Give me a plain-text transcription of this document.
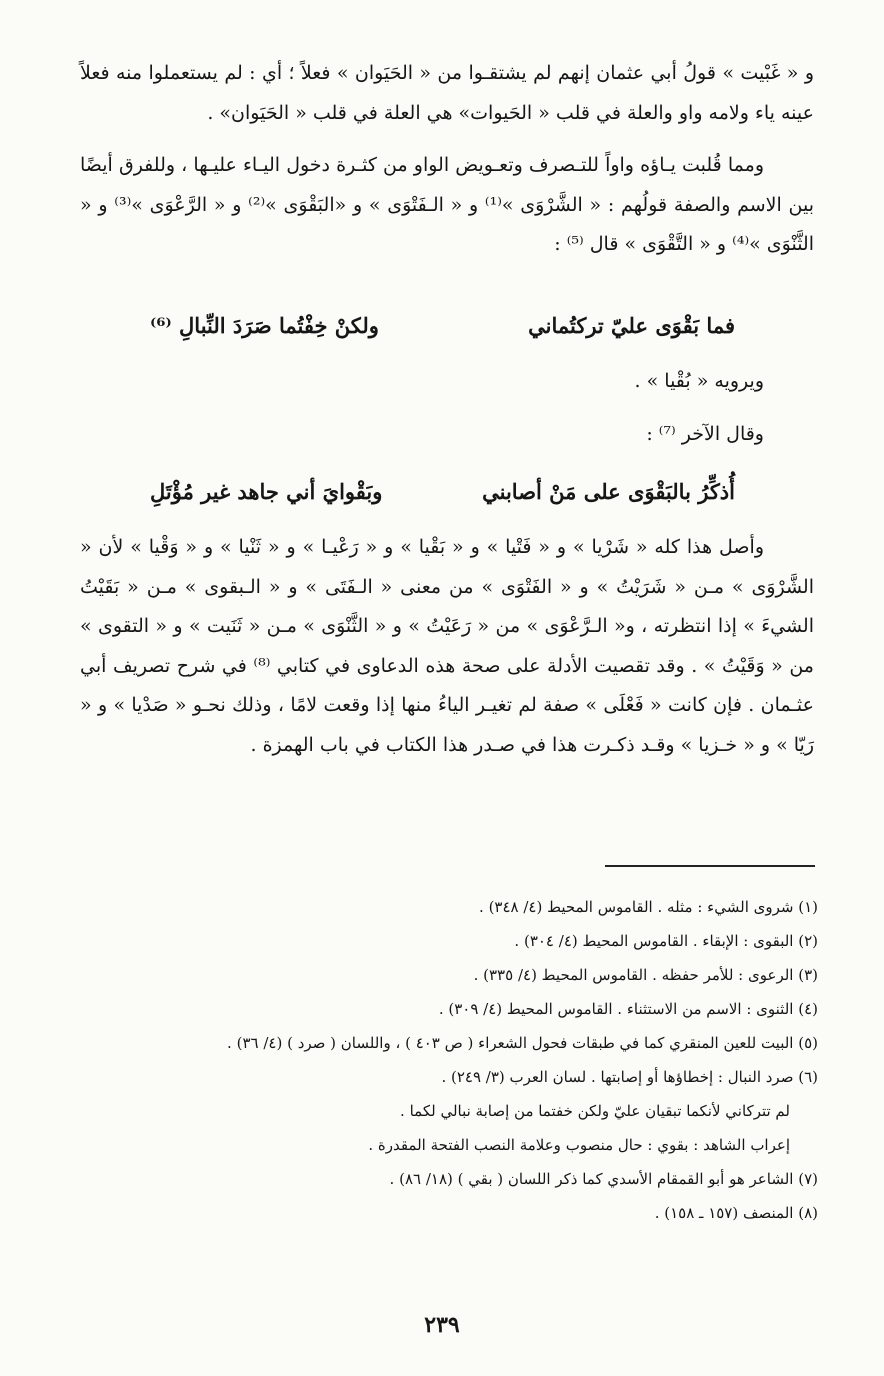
و « غَبْيت » قولُ أبي عثمان إنهم لم يشتقـوا من « الحَيَوان » فعلاً ؛ أي : لم يستعملوا منه فعلاً عينه ياء ولامه واو والعلة في قلب « الحَيوات» هي العلة في قلب « الحَيَوان» .

ومما قُلبت يـاؤه واواً للتـصرف وتعـويض الواو من كثـرة دخول اليـاء عليـها ، وللفرق أيضًا بين الاسم والصفة قولُهم : « الشَّرْوَى »⁽¹⁾ و « الـفَتْوَى » و «البَقْوَى »⁽²⁾ و « الرَّعْوَى »⁽³⁾ و « الثَّنْوَى »⁽⁴⁾ و « التَّقْوَى » قال ⁽⁵⁾ :

فما بَقْوَى عليّ تركتُماني
ولكنْ خِفْتُما صَرَدَ النِّبالِ ⁽⁶⁾

ويرويه « بُقْيا » .

وقال الآخر ⁽⁷⁾ :

أُذكِّرُ بالبَقْوَى على مَنْ أصابني
وبَقْوايَ أني جاهد غير مُؤْتَلِ

وأصل هذا كله « شَرْيا » و « فَتْيا » و « بَقْيا » و « رَعْيـا » و « ثَنْيا » و « وَقْيا » لأن « الشَّرْوَى » مـن « شَرَيْتُ » و « الفَتْوَى » من معنى « الـفَتَى » و « الـبقوى » مـن « بَقَيْتُ الشيءَ » إذا انتظرته ، و« الـرَّعْوَى » من « رَعَيْتُ » و « الثَّنْوَى » مـن « ثَنَيت » و « التقوى » من « وَقَيْتُ » . وقد تقصيت الأدلة على صحة هذه الدعاوى في كتابي ⁽⁸⁾ في شرح تصريف أبي عثـمان . فإن كانت « فَعْلَى » صفة لم تغيـر الياءُ منها إذا وقعت لامًا ، وذلك نحـو « صَدْيا » و « رَيّا » و « خـزيا » وقـد ذكـرت هذا في صـدر هذا الكتاب في باب الهمزة .

(١) شروى الشيء : مثله . القاموس المحيط (٤/ ٣٤٨) .
(٢) البقوى : الإبقاء . القاموس المحيط (٤/ ٣٠٤) .
(٣) الرعوى : للأمر حفظه . القاموس المحيط (٤/ ٣٣٥) .
(٤) الثنوى : الاسم من الاستثناء . القاموس المحيط (٤/ ٣٠٩) .
(٥) البيت للعين المنقري كما في طبقات فحول الشعراء ( ص ٤٠٣ ) ، واللسان ( صرد ) (٤/ ٣٦) .
(٦) صرد النبال : إخطاؤها أو إصابتها . لسان العرب (٣/ ٢٤٩) .
لم تتركاني لأنكما تبقيان عليّ ولكن خفتما من إصابة نبالي لكما .
إعراب الشاهد : بقوي : حال منصوب وعلامة النصب الفتحة المقدرة .
(٧) الشاعر هو أبو القمقام الأسدي كما ذكر اللسان ( بقي ) (١٨/ ٨٦) .
(٨) المنصف (١٥٧ ـ ١٥٨) .
٢٣٩
